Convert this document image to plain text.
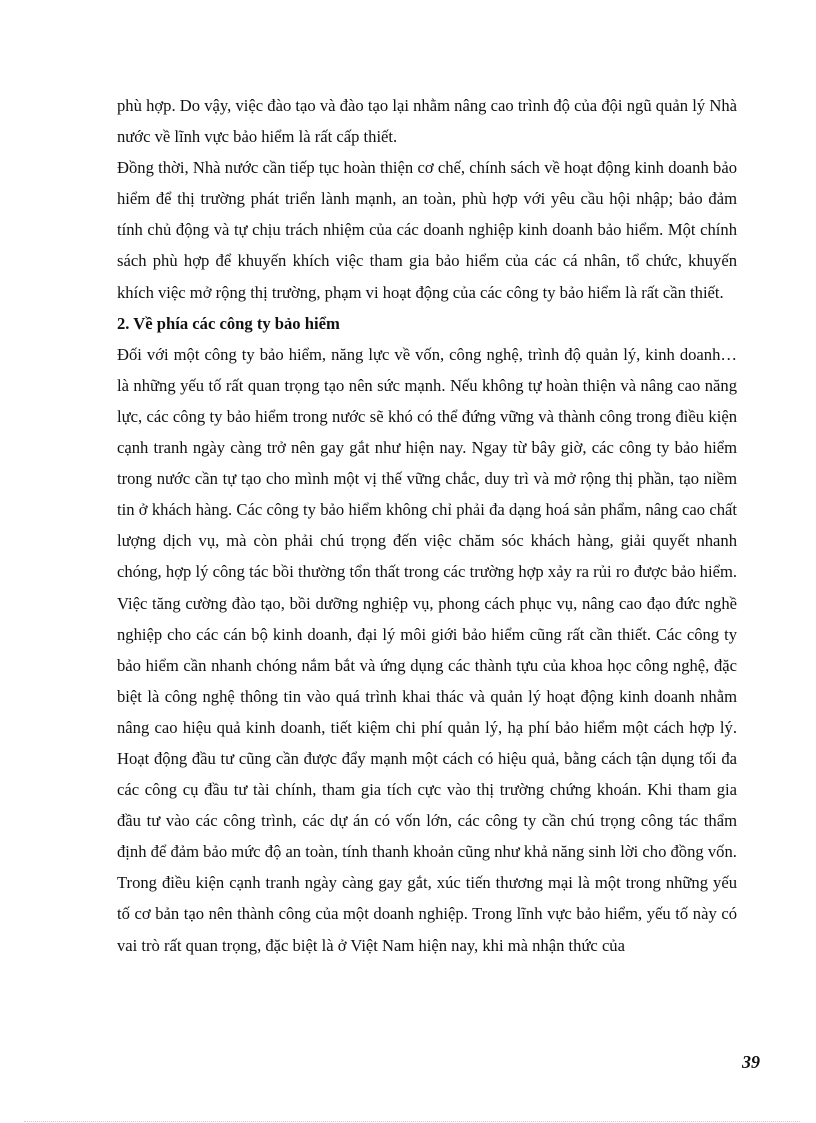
phù hợp. Do vậy, việc đào tạo và đào tạo lại nhằm nâng cao trình độ của đội ngũ quản lý Nhà nước về lĩnh vực bảo hiểm là rất cấp thiết.

Đồng thời, Nhà nước cần tiếp tục hoàn thiện cơ chế, chính sách về hoạt động kinh doanh bảo hiểm để thị trường phát triển lành mạnh, an toàn, phù hợp với yêu cầu hội nhập; bảo đảm tính chủ động và tự chịu trách nhiệm của các doanh nghiệp kinh doanh bảo hiểm. Một chính sách phù hợp để khuyến khích việc tham gia bảo hiểm của các cá nhân, tổ chức, khuyến khích việc mở rộng thị trường, phạm vi hoạt động của các công ty bảo hiểm là rất cần thiết.

2. Về phía các công ty bảo hiểm

Đối với một công ty bảo hiểm, năng lực về vốn, công nghệ, trình độ quản lý, kinh doanh… là những yếu tố rất quan trọng tạo nên sức mạnh. Nếu không tự hoàn thiện và nâng cao năng lực, các công ty bảo hiểm trong nước sẽ khó có thể đứng vững và thành công trong điều kiện cạnh tranh ngày càng trở nên gay gắt như hiện nay. Ngay từ bây giờ, các công ty bảo hiểm trong nước cần tự tạo cho mình một vị thế vững chắc, duy trì và mở rộng thị phần, tạo niềm tin ở khách hàng. Các công ty bảo hiểm không chỉ phải đa dạng hoá sản phẩm, nâng cao chất lượng dịch vụ, mà còn phải chú trọng đến việc chăm sóc khách hàng, giải quyết nhanh chóng, hợp lý công tác bồi thường tổn thất trong các trường hợp xảy ra rủi ro được bảo hiểm. Việc tăng cường đào tạo, bồi dưỡng nghiệp vụ, phong cách phục vụ, nâng cao đạo đức nghề nghiệp cho các cán bộ kinh doanh, đại lý môi giới bảo hiểm cũng rất cần thiết. Các công ty bảo hiểm cần nhanh chóng nắm bắt và ứng dụng các thành tựu của khoa học công nghệ, đặc biệt là công nghệ thông tin vào quá trình khai thác và quản lý hoạt động kinh doanh nhằm nâng cao hiệu quả kinh doanh, tiết kiệm chi phí quản lý, hạ phí bảo hiểm một cách hợp lý. Hoạt động đầu tư cũng cần được đẩy mạnh một cách có hiệu quả, bằng cách tận dụng tối đa các công cụ đầu tư tài chính, tham gia tích cực vào thị trường chứng khoán. Khi tham gia đầu tư vào các công trình, các dự án có vốn lớn, các công ty cần chú trọng công tác thẩm định để đảm bảo mức độ an toàn, tính thanh khoản cũng như khả năng sinh lời cho đồng vốn.

Trong điều kiện cạnh tranh ngày càng gay gắt, xúc tiến thương mại là một trong những yếu tố cơ bản tạo nên thành công của một doanh nghiệp. Trong lĩnh vực bảo hiểm, yếu tố này có vai trò rất quan trọng, đặc biệt là ở Việt Nam hiện nay, khi mà nhận thức của

39
